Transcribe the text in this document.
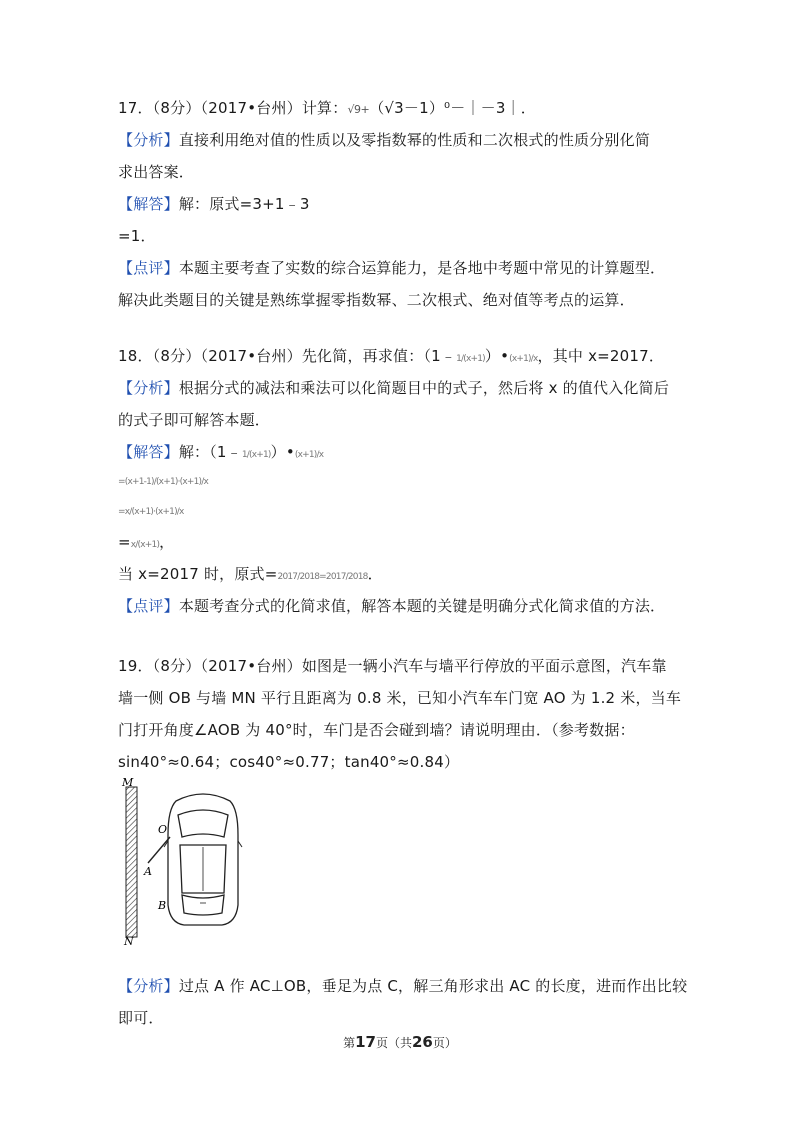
17．（8分）（2017•台州）计算：√9+（√3－1）⁰－｜－3｜．
【分析】直接利用绝对值的性质以及零指数幂的性质和二次根式的性质分别化简
求出答案．
【解答】解：原式=3+1﹣3
=1．
【点评】本题主要考查了实数的综合运算能力，是各地中考题中常见的计算题型．
解决此类题目的关键是熟练掌握零指数幂、二次根式、绝对值等考点的运算．
18．（8分）（2017•台州）先化简，再求值：（1﹣1/(x+1)）•(x+1)/x，其中 x=2017．
【分析】根据分式的减法和乘法可以化简题目中的式子，然后将 x 的值代入化简后
的式子即可解答本题．
【解答】解：（1﹣1/(x+1)）•(x+1)/x
=(x+1-1)/(x+1)·(x+1)/x
=x/(x+1)·(x+1)/x
=x/(x+1)，
当 x=2017 时，原式=2017/2018=2017/2018．
【点评】本题考查分式的化简求值，解答本题的关键是明确分式化简求值的方法．
19．（8分）（2017•台州）如图是一辆小汽车与墙平行停放的平面示意图，汽车靠
墙一侧 OB 与墙 MN 平行且距离为 0.8 米，已知小汽车车门宽 AO 为 1.2 米，当车
门打开角度∠AOB 为 40°时，车门是否会碰到墙？请说明理由．（参考数据：
sin40°≈0.64；cos40°≈0.77；tan40°≈0.84）
M
N
O
A
B
【分析】过点 A 作 AC⊥OB，垂足为点 C，解三角形求出 AC 的长度，进而作出比较
即可．
第17页（共26页）
